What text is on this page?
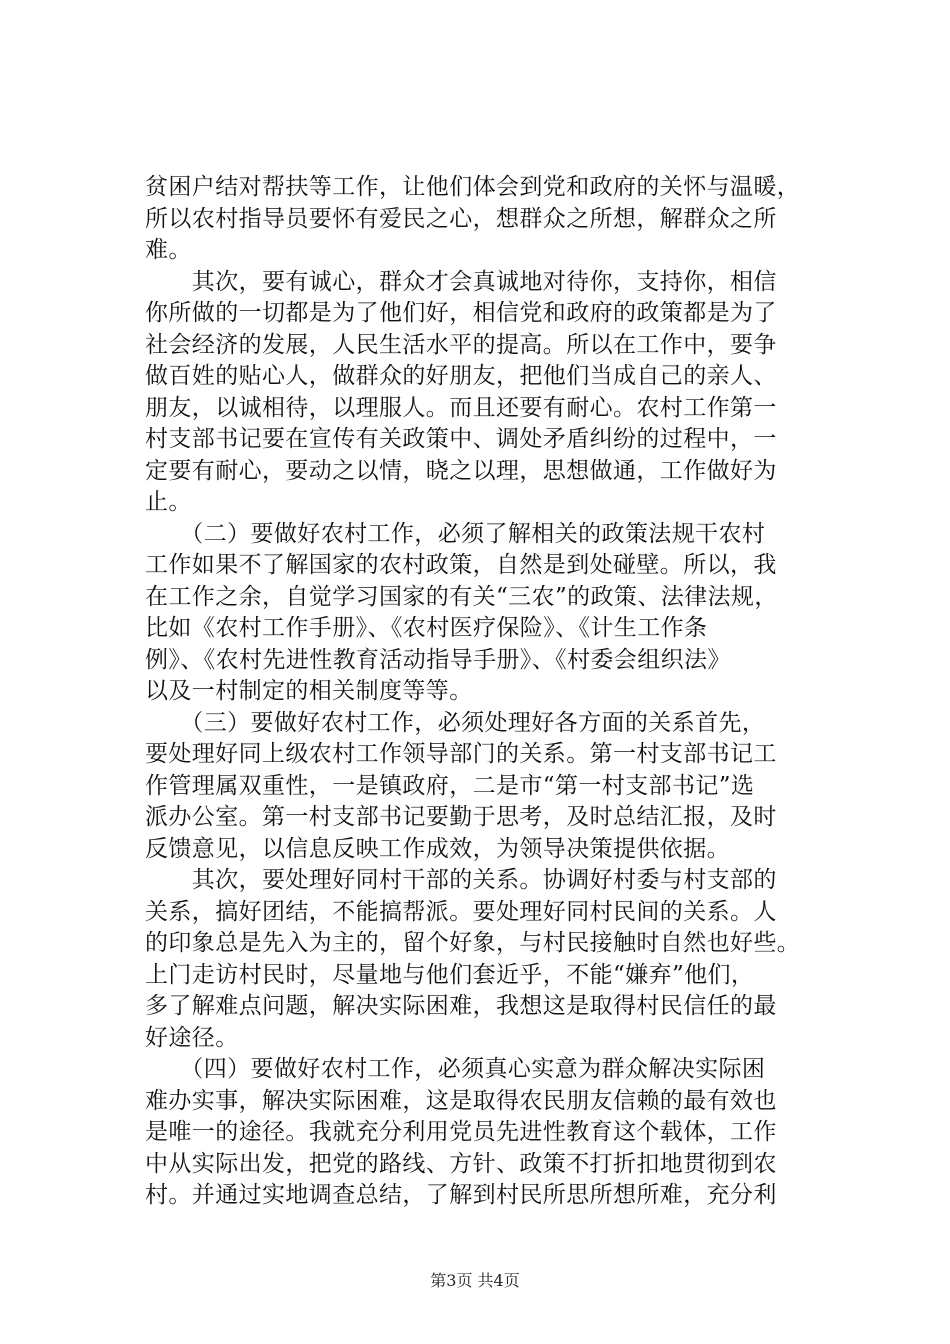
贫困户结对帮扶等工作，让他们体会到党和政府的关怀与温暖，
所以农村指导员要怀有爱民之心，想群众之所想，解群众之所
难。

　　其次，要有诚心，群众才会真诚地对待你，支持你，相信
你所做的一切都是为了他们好，相信党和政府的政策都是为了
社会经济的发展，人民生活水平的提高。所以在工作中，要争
做百姓的贴心人，做群众的好朋友，把他们当成自己的亲人、
朋友，以诚相待，以理服人。而且还要有耐心。农村工作第一
村支部书记要在宣传有关政策中、调处矛盾纠纷的过程中，一
定要有耐心，要动之以情，晓之以理，思想做通，工作做好为
止。

　　（二）要做好农村工作，必须了解相关的政策法规干农村
工作如果不了解国家的农村政策，自然是到处碰壁。所以，我
在工作之余，自觉学习国家的有关“三农”的政策、法律法规，
比如《农村工作手册》、《农村医疗保险》、《计生工作条
例》、《农村先进性教育活动指导手册》、《村委会组织法》
以及一村制定的相关制度等等。

　　（三）要做好农村工作，必须处理好各方面的关系首先，
要处理好同上级农村工作领导部门的关系。第一村支部书记工
作管理属双重性，一是镇政府，二是市“第一村支部书记”选
派办公室。第一村支部书记要勤于思考，及时总结汇报，及时
反馈意见，以信息反映工作成效，为领导决策提供依据。

　　其次，要处理好同村干部的关系。协调好村委与村支部的
关系，搞好团结，不能搞帮派。要处理好同村民间的关系。人
的印象总是先入为主的，留个好象，与村民接触时自然也好些。
上门走访村民时，尽量地与他们套近乎，不能“嫌弃”他们，
多了解难点问题，解决实际困难，我想这是取得村民信任的最
好途径。

　　（四）要做好农村工作，必须真心实意为群众解决实际困
难办实事，解决实际困难，这是取得农民朋友信赖的最有效也
是唯一的途径。我就充分利用党员先进性教育这个载体，工作
中从实际出发，把党的路线、方针、政策不打折扣地贯彻到农
村。并通过实地调查总结，了解到村民所思所想所难，充分利

第3页 共4页
